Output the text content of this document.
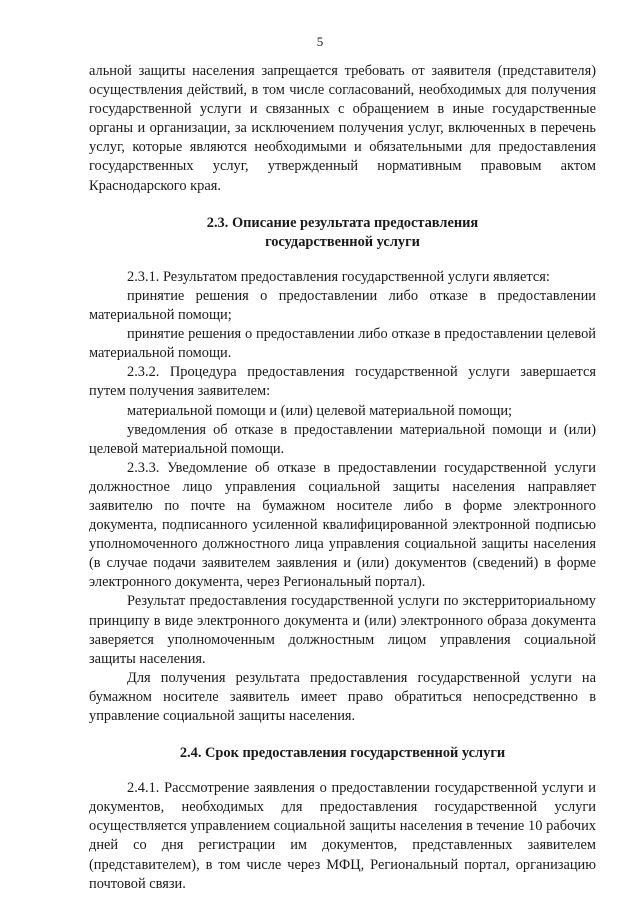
5

альной защиты населения запрещается требовать от заявителя (представителя) осуществления действий, в том числе согласований, необходимых для получения государственной услуги и связанных с обращением в иные государственные органы и организации, за исключением получения услуг, включенных в перечень услуг, которые являются необходимыми и обязательными для предоставления государственных услуг, утвержденный нормативным правовым актом Краснодарского края.

2.3. Описание результата предоставления
государственной услуги

2.3.1. Результатом предоставления государственной услуги является:

принятие решения о предоставлении либо отказе в предоставлении материальной помощи;

принятие решения о предоставлении либо отказе в предоставлении целевой материальной помощи.

2.3.2. Процедура предоставления государственной услуги завершается путем получения заявителем:

материальной помощи и (или) целевой материальной помощи;

уведомления об отказе в предоставлении материальной помощи и (или) целевой материальной помощи.

2.3.3. Уведомление об отказе в предоставлении государственной услуги должностное лицо управления социальной защиты населения направляет заявителю по почте на бумажном носителе либо в форме электронного документа, подписанного усиленной квалифицированной электронной подписью уполномоченного должностного лица управления социальной защиты населения (в случае подачи заявителем заявления и (или) документов (сведений) в форме электронного документа, через Региональный портал).

Результат предоставления государственной услуги по экстерриториальному принципу в виде электронного документа и (или) электронного образа документа заверяется уполномоченным должностным лицом управления социальной защиты населения.

Для получения результата предоставления государственной услуги на бумажном носителе заявитель имеет право обратиться непосредственно в управление социальной защиты населения.

2.4. Срок предоставления государственной услуги

2.4.1. Рассмотрение заявления о предоставлении государственной услуги и документов, необходимых для предоставления государственной услуги осуществляется управлением социальной защиты населения в течение 10 рабочих дней со дня регистрации им документов, представленных заявителем (представителем), в том числе через МФЦ, Региональный портал, организацию почтовой связи.
